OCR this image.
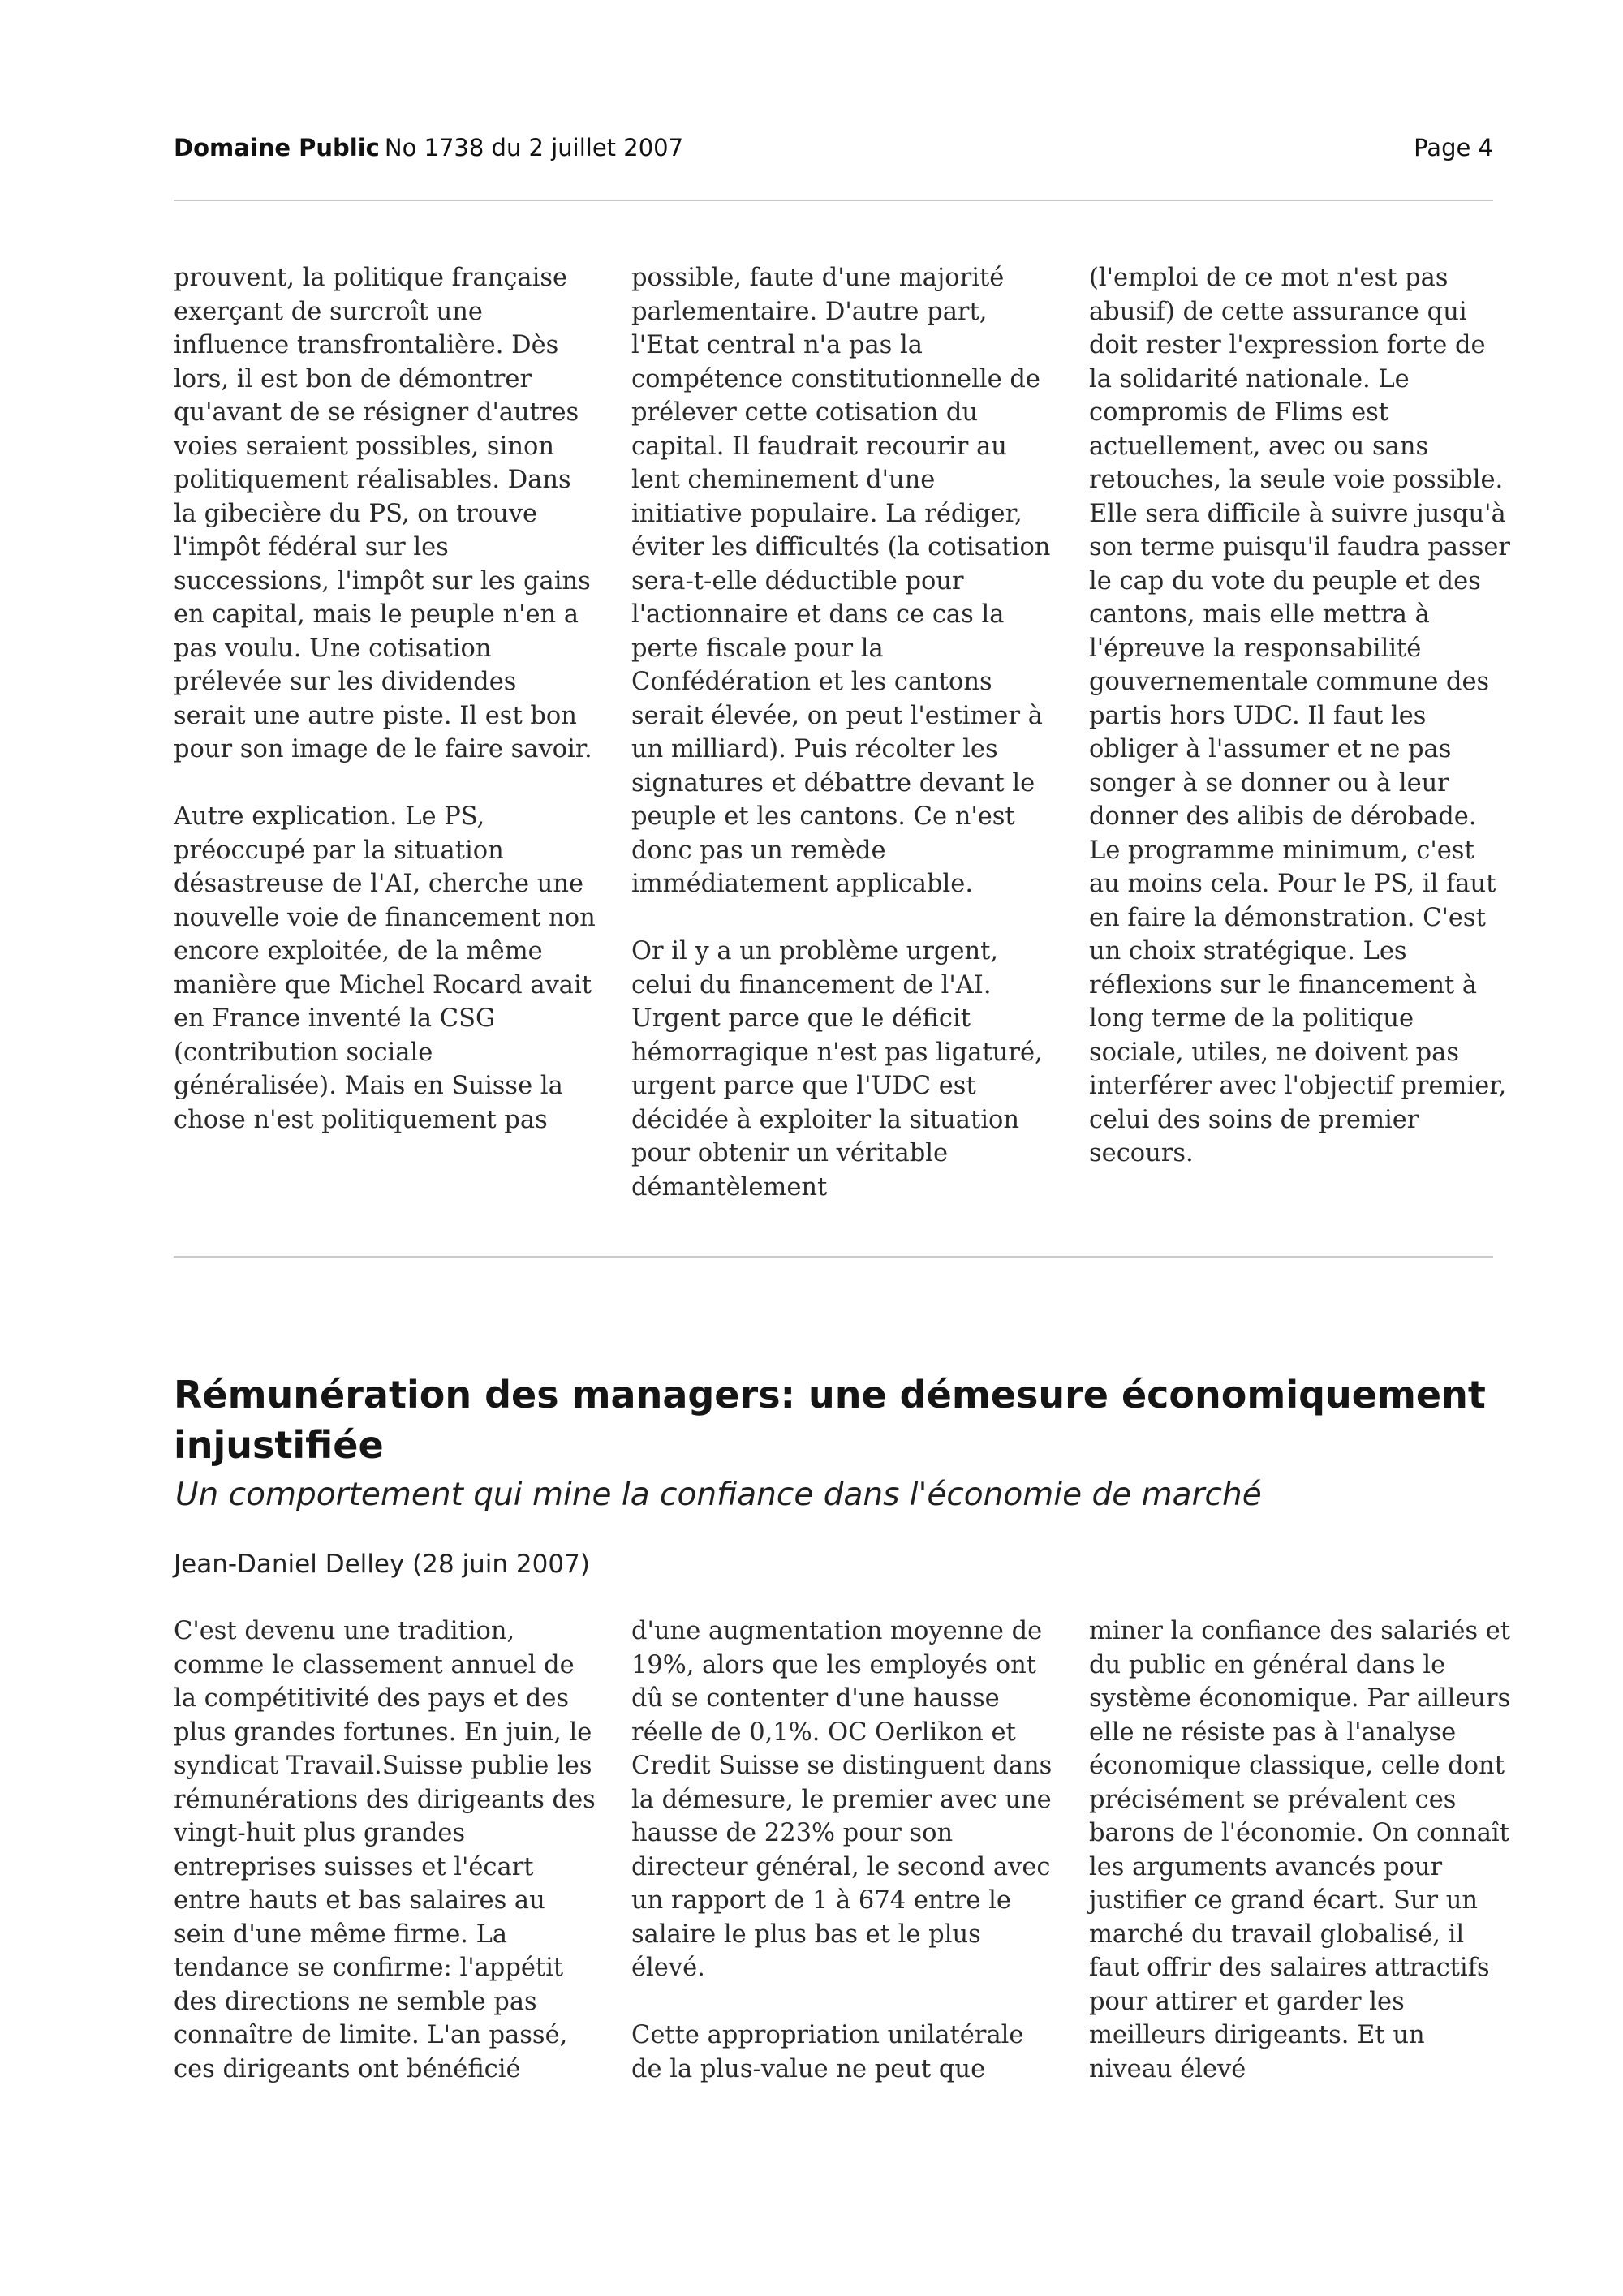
Domaine Public No 1738 du 2 juillet 2007	Page 4

prouvent, la politique française exerçant de surcroît une influence transfrontalière. Dès lors, il est bon de démontrer qu'avant de se résigner d'autres voies seraient possibles, sinon politiquement réalisables. Dans la gibecière du PS, on trouve l'impôt fédéral sur les successions, l'impôt sur les gains en capital, mais le peuple n'en a pas voulu. Une cotisation prélevée sur les dividendes serait une autre piste. Il est bon pour son image de le faire savoir.

Autre explication. Le PS, préoccupé par la situation désastreuse de l'AI, cherche une nouvelle voie de financement non encore exploitée, de la même manière que Michel Rocard avait en France inventé la CSG (contribution sociale généralisée). Mais en Suisse la chose n'est politiquement pas

possible, faute d'une majorité parlementaire. D'autre part, l'Etat central n'a pas la compétence constitutionnelle de prélever cette cotisation du capital. Il faudrait recourir au lent cheminement d'une initiative populaire. La rédiger, éviter les difficultés (la cotisation sera-t-elle déductible pour l'actionnaire et dans ce cas la perte fiscale pour la Confédération et les cantons serait élevée, on peut l'estimer à un milliard). Puis récolter les signatures et débattre devant le peuple et les cantons. Ce n'est donc pas un remède immédiatement applicable.

Or il y a un problème urgent, celui du financement de l'AI. Urgent parce que le déficit hémorragique n'est pas ligaturé, urgent parce que l'UDC est décidée à exploiter la situation pour obtenir un véritable démantèlement

(l'emploi de ce mot n'est pas abusif) de cette assurance qui doit rester l'expression forte de la solidarité nationale. Le compromis de Flims est actuellement, avec ou sans retouches, la seule voie possible. Elle sera difficile à suivre jusqu'à son terme puisqu'il faudra passer le cap du vote du peuple et des cantons, mais elle mettra à l'épreuve la responsabilité gouvernementale commune des partis hors UDC. Il faut les obliger à l'assumer et ne pas songer à se donner ou à leur donner des alibis de dérobade. Le programme minimum, c'est au moins cela. Pour le PS, il faut en faire la démonstration. C'est un choix stratégique. Les réflexions sur le financement à long terme de la politique sociale, utiles, ne doivent pas interférer avec l'objectif premier, celui des soins de premier secours.

Rémunération des managers: une démesure économiquement injustifiée
Un comportement qui mine la confiance dans l'économie de marché
Jean-Daniel Delley (28 juin 2007)

C'est devenu une tradition, comme le classement annuel de la compétitivité des pays et des plus grandes fortunes. En juin, le syndicat Travail.Suisse publie les rémunérations des dirigeants des vingt-huit plus grandes entreprises suisses et l'écart entre hauts et bas salaires au sein d'une même firme. La tendance se confirme: l'appétit des directions ne semble pas connaître de limite. L'an passé, ces dirigeants ont bénéficié

d'une augmentation moyenne de 19%, alors que les employés ont dû se contenter d'une hausse réelle de 0,1%. OC Oerlikon et Credit Suisse se distinguent dans la démesure, le premier avec une hausse de 223% pour son directeur général, le second avec un rapport de 1 à 674 entre le salaire le plus bas et le plus élevé.

Cette appropriation unilatérale de la plus-value ne peut que

miner la confiance des salariés et du public en général dans le système économique. Par ailleurs elle ne résiste pas à l'analyse économique classique, celle dont précisément se prévalent ces barons de l'économie. On connaît les arguments avancés pour justifier ce grand écart. Sur un marché du travail globalisé, il faut offrir des salaires attractifs pour attirer et garder les meilleurs dirigeants. Et un niveau élevé
